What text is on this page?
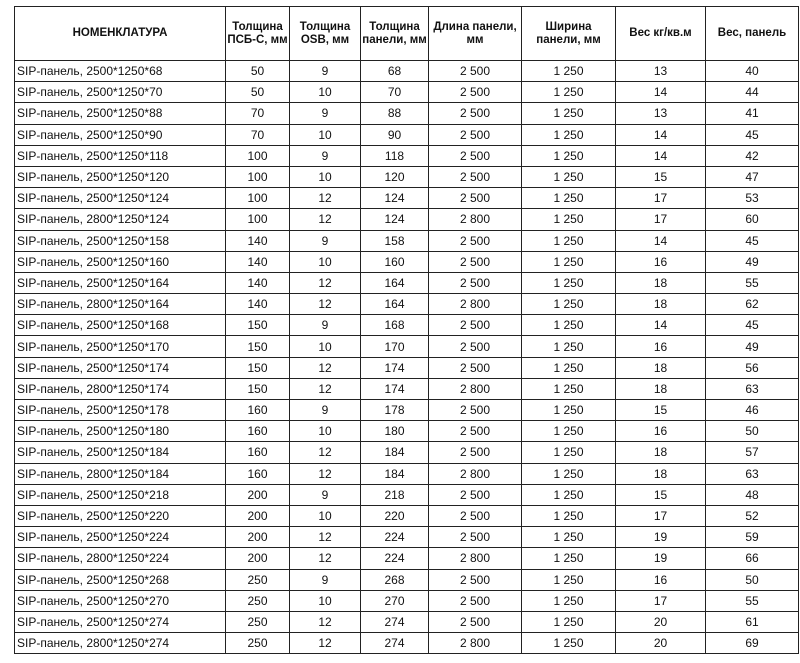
НОМЕНКЛАТУРА	Толщина ПСБ-С, мм	Толщина OSB, мм	Толщина панели, мм	Длина панели, мм	Ширина панели, мм	Вес кг/кв.м	Вес, панель
SIP-панель, 2500*1250*68	50	9	68	2 500	1 250	13	40
SIP-панель, 2500*1250*70	50	10	70	2 500	1 250	14	44
SIP-панель, 2500*1250*88	70	9	88	2 500	1 250	13	41
SIP-панель, 2500*1250*90	70	10	90	2 500	1 250	14	45
SIP-панель, 2500*1250*118	100	9	118	2 500	1 250	14	42
SIP-панель, 2500*1250*120	100	10	120	2 500	1 250	15	47
SIP-панель, 2500*1250*124	100	12	124	2 500	1 250	17	53
SIP-панель, 2800*1250*124	100	12	124	2 800	1 250	17	60
SIP-панель, 2500*1250*158	140	9	158	2 500	1 250	14	45
SIP-панель, 2500*1250*160	140	10	160	2 500	1 250	16	49
SIP-панель, 2500*1250*164	140	12	164	2 500	1 250	18	55
SIP-панель, 2800*1250*164	140	12	164	2 800	1 250	18	62
SIP-панель, 2500*1250*168	150	9	168	2 500	1 250	14	45
SIP-панель, 2500*1250*170	150	10	170	2 500	1 250	16	49
SIP-панель, 2500*1250*174	150	12	174	2 500	1 250	18	56
SIP-панель, 2800*1250*174	150	12	174	2 800	1 250	18	63
SIP-панель, 2500*1250*178	160	9	178	2 500	1 250	15	46
SIP-панель, 2500*1250*180	160	10	180	2 500	1 250	16	50
SIP-панель, 2500*1250*184	160	12	184	2 500	1 250	18	57
SIP-панель, 2800*1250*184	160	12	184	2 800	1 250	18	63
SIP-панель, 2500*1250*218	200	9	218	2 500	1 250	15	48
SIP-панель, 2500*1250*220	200	10	220	2 500	1 250	17	52
SIP-панель, 2500*1250*224	200	12	224	2 500	1 250	19	59
SIP-панель, 2800*1250*224	200	12	224	2 800	1 250	19	66
SIP-панель, 2500*1250*268	250	9	268	2 500	1 250	16	50
SIP-панель, 2500*1250*270	250	10	270	2 500	1 250	17	55
SIP-панель, 2500*1250*274	250	12	274	2 500	1 250	20	61
SIP-панель, 2800*1250*274	250	12	274	2 800	1 250	20	69
